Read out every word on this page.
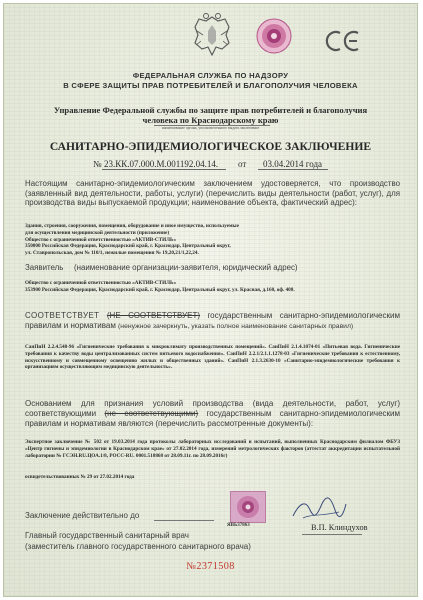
ФЕДЕРАЛЬНАЯ СЛУЖБА ПО НАДЗОРУ
В СФЕРЕ ЗАЩИТЫ ПРАВ ПОТРЕБИТЕЛЕЙ И БЛАГОПОЛУЧИЯ ЧЕЛОВЕКА
Управление Федеральной службы по защите прав потребителей и благополучия
человека по Краснодарскому краю
наименование органа, уполномоченного выдать заключение
САНИТАРНО-ЭПИДЕМИОЛОГИЧЕСКОЕ ЗАКЛЮЧЕНИЕ
№ 23.КК.07.000.М.001192.04.14. от 03.04.2014 года
Настоящим санитарно-эпидемиологическим заключением удостоверяется, что производство (заявленный вид деятельности, работы, услуги) (перечислить виды деятельности (работ, услуг), для производства виды выпускаемой продукции; наименование объекта, фактический адрес):
Здания, строения, сооружения, помещения, оборудование и иное имущество, используемые
для осуществления медицинской деятельности (приложение)
Общество с ограниченной ответственностью «АКТИВ-СТИЛЬ»
350000 Российская Федерация, Краснодарский край, г. Краснодар, Центральный округ,
ул. Ставропольская, дом № 110/1, нежилые помещения № 19,20,21/1,22,24.
Заявитель (наименование организации-заявителя, юридический адрес)
Общество с ограниченной ответственностью «АКТИВ-СТИЛЬ»
353900 Российская Федерация, Краснодарский край, г. Краснодар, Центральный округ, ул. Красная, д.160, оф. 408.
СООТВЕТСТВУЕТ (НЕ СООТВЕТСТВУЕТ) государственным санитарно-эпидемиологическим правилам и нормативам (ненужное зачеркнуть, указать полное наименование санитарных правил)
СанПиН 2.2.4.548-96 «Гигиенические требования к микроклимату производственных помещений». СанПиН 2.1.4.1074-01 «Питьевая вода. Гигиенические требования к качеству воды централизованных систем питьевого водоснабжения». СанПиН 2.2.1/2.1.1.1278-03 «Гигиенические требования к естественному, искусственному и совмещенному освещению жилых и общественных зданий». СанПиН 2.1.3.2630-10 «Санитарно-эпидемиологические требования к организациям осуществляющим медицинскую деятельность».
Основанием для признания условий производства (вида деятельности, работ, услуг) соответствующими (не соответствующими) государственным санитарно-эпидемиологическим правилам и нормативам являются (перечислить рассмотренные документы):
Экспертное заключение № 502 от 19.03.2014 года протоколы лабораторных исследований и испытаний, выполненных Краснодарским филиалом ФБУЗ «Центр гигиены и эпидемиологии в Краснодарском крае» от 27.02.2014 года, измерений метрологических факторов (аттестат аккредитации испытательной лаборатории № ГСЭН.RU.ЦОА.1/8, РОСС-RU. 0001.518868 от 28.09.11г. по 28.09.2016г)
освидетельствованных № 29 от 27.02.2014 года
ЯВЬ37863
Заключение действительно до
Главный государственный санитарный врач
(заместитель главного государственного санитарного врача)
В.П. Клиндухов
№2371508
